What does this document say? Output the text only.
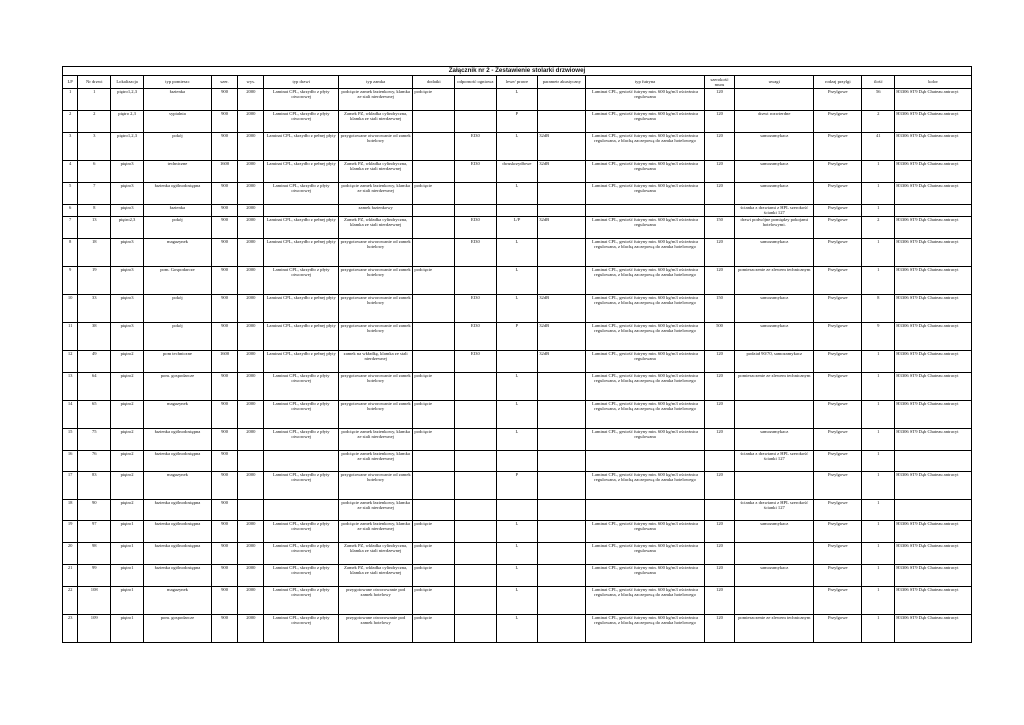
Załącznik nr 2 - Zestawienie stolarki drzwiowej
LP	Nr drzwi	Lokalizacja	typ pomieszc	szer.	wys.	typ drzwi	typ zamka	dodatki	odporność ogniowa	lewe/ prawe	parametr akustyczny	typ futryna	szerokość muru	uwagi	rodzaj przylgi	ilość	kolor
1	1	piętro1,2,3	łazienka	900	2000	Laminat CPL, skrzydło z płyty otworowej	podcięcie zamek łazienkowy, klamka ze stali nierdzewnej	podcięcie		L		Laminat CPL, gestość futryny min. 600 kg/m3 ościeżnica regulowana	120		Przylgowe	56	H3306 ST9 Dąb Chateau antracyt
2	2	piętro 2,3	sypialnia	900	2000	Laminat CPL, skrzydło z płyty otworowej	Zamek PZ, wkładka cylindryczna, klamka ze stali nierdzewnej			P		Laminat CPL, gestość futryny min. 600 kg/m3 ościeżnica regulowana	120	drzwi rozwierdne	Przylgowe	2	H3306 ST9 Dąb Chateau antracyt
3	3	piętro1,2,3	pokój	900	2000	Laminat CPL, skrzydło z pełnej płyty	przygotowane otworowanie od zamek hotelowy		EI30	L	32dB	Laminat CPL, gestość futryny min. 600 kg/m3 ościeżnica regulowana, z blachą zaczepową do zamka hotelowego	120	samozamykacz	Przylgowe	41	H3306 ST9 Dąb Chateau antracyt
4	6	piętro3	techniczne	1600	2000	Laminat CPL, skrzydło z pełnej płyty	Zamek PZ, wkładka cylindryczna, klamka ze stali nierdzewnej		EI30	dwuskrzydłowe	32dB	Laminat CPL, gestość futryny min. 600 kg/m3 ościeżnica regulowana	120	samozamykacz	Przylgowe	1	H3306 ST9 Dąb Chateau antracyt
5	7	piętro3	łazienka ogólnodostępna	900	2000	Laminat CPL, skrzydło z płyty otworowej	podcięcie zamek łazienkowy, klamka ze stali nierdzewnej	podcięcie		L		Laminat CPL, gestość futryny min. 600 kg/m3 ościeżnica regulowana	120	samozamykacz	Przylgowe	1	H3306 ST9 Dąb Chateau antracyt
6	8	piętro3	łazienka	900	2000		zamek łazienkowy							ścianka z drzwiami z HPL szerokość ścianki 127	Przylgowe	1	
7	13	piętro2,3	pokój	900	2000	Laminat CPL, skrzydło z pełnej płyty	Zamek PZ, wkładka cylindryczna, klamka ze stali nierdzewnej		EI30	L/P	32dB	Laminat CPL, gestość futryny min. 600 kg/m3 ościeżnica regulowana	150	drzwi podwójne pomiędzy pokojami hotelowymi.	Przylgowe	2	H3306 ST9 Dąb Chateau antracyt
8	18	piętro3	magazynek	900	2000	Laminat CPL, skrzydło z pełnej płyty	przygotowane otworowanie od zamek hotelowy		EI30	L		Laminat CPL, gestość futryny min. 600 kg/m3 ościeżnica regulowana, z blachą zaczepową do zamka hotelowego	120	samozamykacz	Przylgowe	1	H3306 ST9 Dąb Chateau antracyt
9	19	piętro3	pom. Gospodarcze	900	2000	Laminat CPL, skrzydło z płyty otworowej	przygotowane otworowanie od zamek hotelowy	podcięcie		L		Laminat CPL, gestość futryny min. 600 kg/m3 ościeżnica regulowana, z blachą zaczepową do zamka hotelowego	120	pomieszczenie ze zlewem technicznym	Przylgowe	1	H3306 ST9 Dąb Chateau antracyt
10	33	piętro3	pokój	900	2000	Laminat CPL, skrzydło z pełnej płyty	przygotowane otworowanie od zamek hotelowy		EI30	L	32dB	Laminat CPL, gestość futryny min. 600 kg/m3 ościeżnica regulowana, z blachą zaczepową do zamka hotelowego	150	samozamykacz	Przylgowe	8	H3306 ST9 Dąb Chateau antracyt
11	38	piętro3	pokój	900	2000	Laminat CPL, skrzydło z pełnej płyty	przygotowane otworowanie od zamek hotelowy		EI30	P	32dB	Laminat CPL, gestość futryny min. 600 kg/m3 ościeżnica regulowana, z blachą zaczepową do zamka hotelowego	500	samozamykacz	Przylgowe	9	H3306 ST9 Dąb Chateau antracyt
12	49	piętro2	pom techniczne	1600	2000	Laminat CPL, skrzydło z pełnej płyty	zamek na wkładkę, klamka ze stali nierdzewnej		EI30		32dB	Laminat CPL, gestość futryny min. 600 kg/m3 ościeżnica regulowana	120	podział 90/70, samozamykacz	Przylgowe	1	H3306 ST9 Dąb Chateau antracyt
13	64	piętro2	pom. gospodarcze	900	2000	Laminat CPL, skrzydło z płyty otworowej	przygotowane otworowanie od zamek hotelowy	podcięcie		L		Laminat CPL, gestość futryny min. 600 kg/m3 ościeżnica regulowana, z blachą zaczepową do zamka hotelowego	120	pomieszczenie ze zlewem technicznym	Przylgowe	1	H3306 ST9 Dąb Chateau antracyt
14	65	piętro2	magazynek	900	2000	Laminat CPL, skrzydło z płyty otworowej	przygotowane otworowanie od zamek hotelowy	podcięcie		L		Laminat CPL, gestość futryny min. 600 kg/m3 ościeżnica regulowana, z blachą zaczepową do zamka hotelowego	120		Przylgowe	1	H3306 ST9 Dąb Chateau antracyt
15	75	piętro2	łazienka ogólnodostępna	900	2000	Laminat CPL, skrzydło z płyty otworowej	podcięcie zamek łazienkowy, klamka ze stali nierdzewnej	podcięcie		L		Laminat CPL, gestość futryny min. 600 kg/m3 ościeżnica regulowana	120	samozamykacz	Przylgowe	1	H3306 ST9 Dąb Chateau antracyt
16	76	piętro2	łazienka ogólnodostępna	900			podcięcie zamek łazienkowy, klamka ze stali nierdzewnej							ścianka z drzwiami z HPL szerokość ścianki 127	Przylgowe	1	
17	83	piętro2	magazynek	900	2000	Laminat CPL, skrzydło z płyty otworowej	przygotowane otworowanie od zamek hotelowy			P		Laminat CPL, gestość futryny min. 600 kg/m3 ościeżnica regulowana, z blachą zaczepową do zamka hotelowego	120		Przylgowe	1	H3306 ST9 Dąb Chateau antracyt
18	90	piętro2	łazienka ogólnodostępna	900			podcięcie zamek łazienkowy, klamka ze stali nierdzewnej							ścianka z drzwiami z HPL szerokość ścianki 127	Przylgowe	1	
19	97	piętro1	łazienka ogólnodostępna	900	2000	Laminat CPL, skrzydło z płyty otworowej	podcięcie zamek łazienkowy, klamka ze stali nierdzewnej	podcięcie		L		Laminat CPL, gestość futryny min. 600 kg/m3 ościeżnica regulowana	120	samozamykacz	Przylgowe	1	H3306 ST9 Dąb Chateau antracyt
20	98	piętro1	łazienka ogólnodostępna	900	2000	Laminat CPL, skrzydło z płyty otworowej	Zamek PZ, wkładka cylindryczna, klamka ze stali nierdzewnej	podcięcie		L		Laminat CPL, gestość futryny min. 600 kg/m3 ościeżnica regulowana	120		Przylgowe	1	H3306 ST9 Dąb Chateau antracyt
21	99	piętro1	łazienka ogólnodostępna	900	2000	Laminat CPL, skrzydło z płyty otworowej	Zamek PZ, wkładka cylindryczna, klamka ze stali nierdzewnej	podcięcie		L		Laminat CPL, gestość futryny min. 600 kg/m3 ościeżnica regulowana	120	samozamykacz	Przylgowe	1	H3306 ST9 Dąb Chateau antracyt
22	108	piętro1	magazynek	900	2000	Laminat CPL, skrzydło z płyty otworowej	przygotowane otworowanie pod zamek hotelowy	podcięcie		L		Laminat CPL, gestość futryny min. 600 kg/m3 ościeżnica regulowana, z blachą zaczepową do zamka hotelowego	120		Przylgowe	1	H3306 ST9 Dąb Chateau antracyt
23	109	piętro1	pom. gospodarcze	900	2000	Laminat CPL, skrzydło z płyty otworowej	przygotowane otworowanie pod zamek hotelowy	podcięcie		L		Laminat CPL, gestość futryny min. 600 kg/m3 ościeżnica regulowana, z blachą zaczepową do zamka hotelowego	120	pomieszczenie ze zlewem technicznym	Przylgowe	1	H3306 ST9 Dąb Chateau antracyt
